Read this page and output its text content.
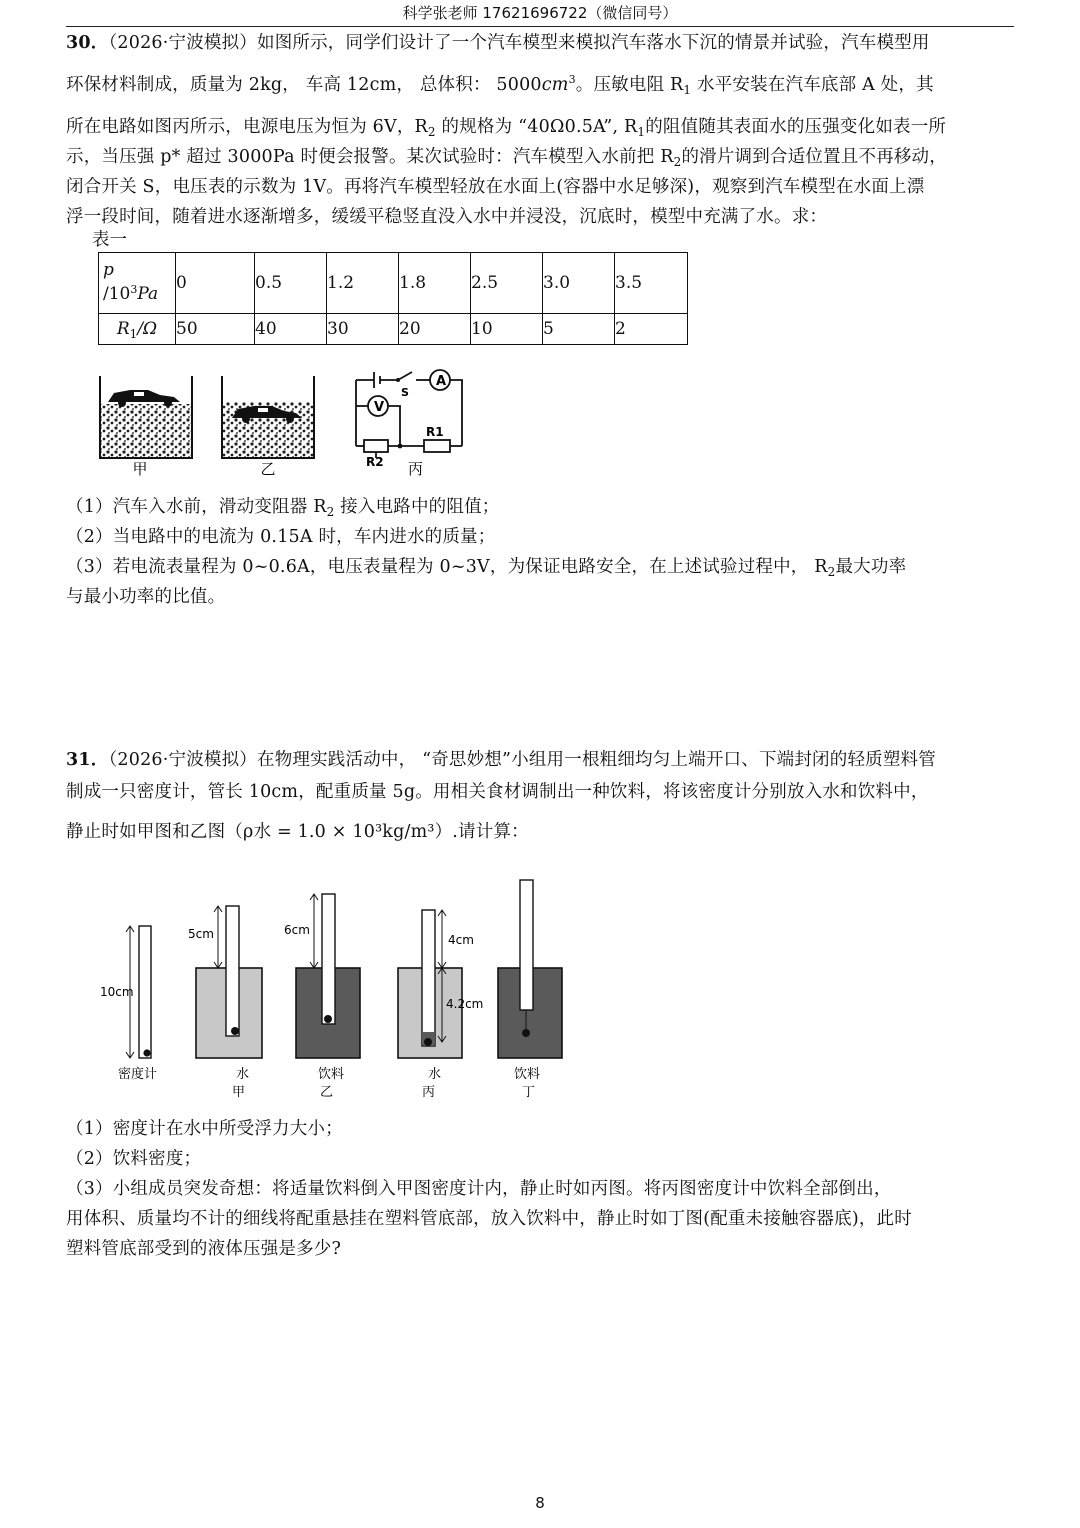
科学张老师 17621696722（微信同号）
30．（2026·宁波模拟）如图所示，同学们设计了一个汽车模型来模拟汽车落水下沉的情景并试验，汽车模型用
环保材料制成，质量为 2kg， 车高 12cm， 总体积： $5000cm^3$。压敏电阻 $R_1$ 水平安装在汽车底部 A 处，其
所在电路如图丙所示，电源电压为恒为 6V，$R_2$ 的规格为 “40Ω0.5A”, $R_1$的阻值随其表面水的压强变化如表一所
示，当压强 p* 超过 3000Pa 时便会报警。某次试验时：汽车模型入水前把 $R_2$的滑片调到合适位置且不再移动，
闭合开关 S，电压表的示数为 1V。再将汽车模型轻放在水面上(容器中水足够深)，观察到汽车模型在水面上漂
浮一段时间，随着进水逐渐增多，缓缓平稳竖直没入水中并浸没，沉底时，模型中充满了水。求：
表一
p
$/10^3Pa$	0	0.5	1.2	1.8	2.5	3.0	3.5
$R_1/\Omega$	50	40	30	20	10	5	2
甲	乙
A
V
S
R1
R2 丙
（1）汽车入水前，滑动变阻器 $R_2$ 接入电路中的阻值；
（2）当电路中的电流为 0.15A 时，车内进水的质量；
（3）若电流表量程为 0~0.6A，电压表量程为 0~3V，为保证电路安全，在上述试验过程中， $R_2$最大功率
与最小功率的比值。
31．（2026·宁波模拟）在物理实践活动中， “奇思妙想”小组用一根粗细均匀上端开口、下端封闭的轻质塑料管
制成一只密度计，管长 10cm，配重质量 5g。用相关食材调制出一种饮料，将该密度计分别放入水和饮料中，
静止时如甲图和乙图（ρ水 = 1.0 × 10³kg/m³）.请计算：
10cm
密度计
5cm
水
甲
6cm
饮料
乙
4cm
4.2cm
水
丙
饮料
丁
（1）密度计在水中所受浮力大小；
（2）饮料密度；
（3）小组成员突发奇想：将适量饮料倒入甲图密度计内，静止时如丙图。将丙图密度计中饮料全部倒出，
用体积、质量均不计的细线将配重悬挂在塑料管底部，放入饮料中，静止时如丁图(配重未接触容器底)，此时
塑料管底部受到的液体压强是多少?
8
